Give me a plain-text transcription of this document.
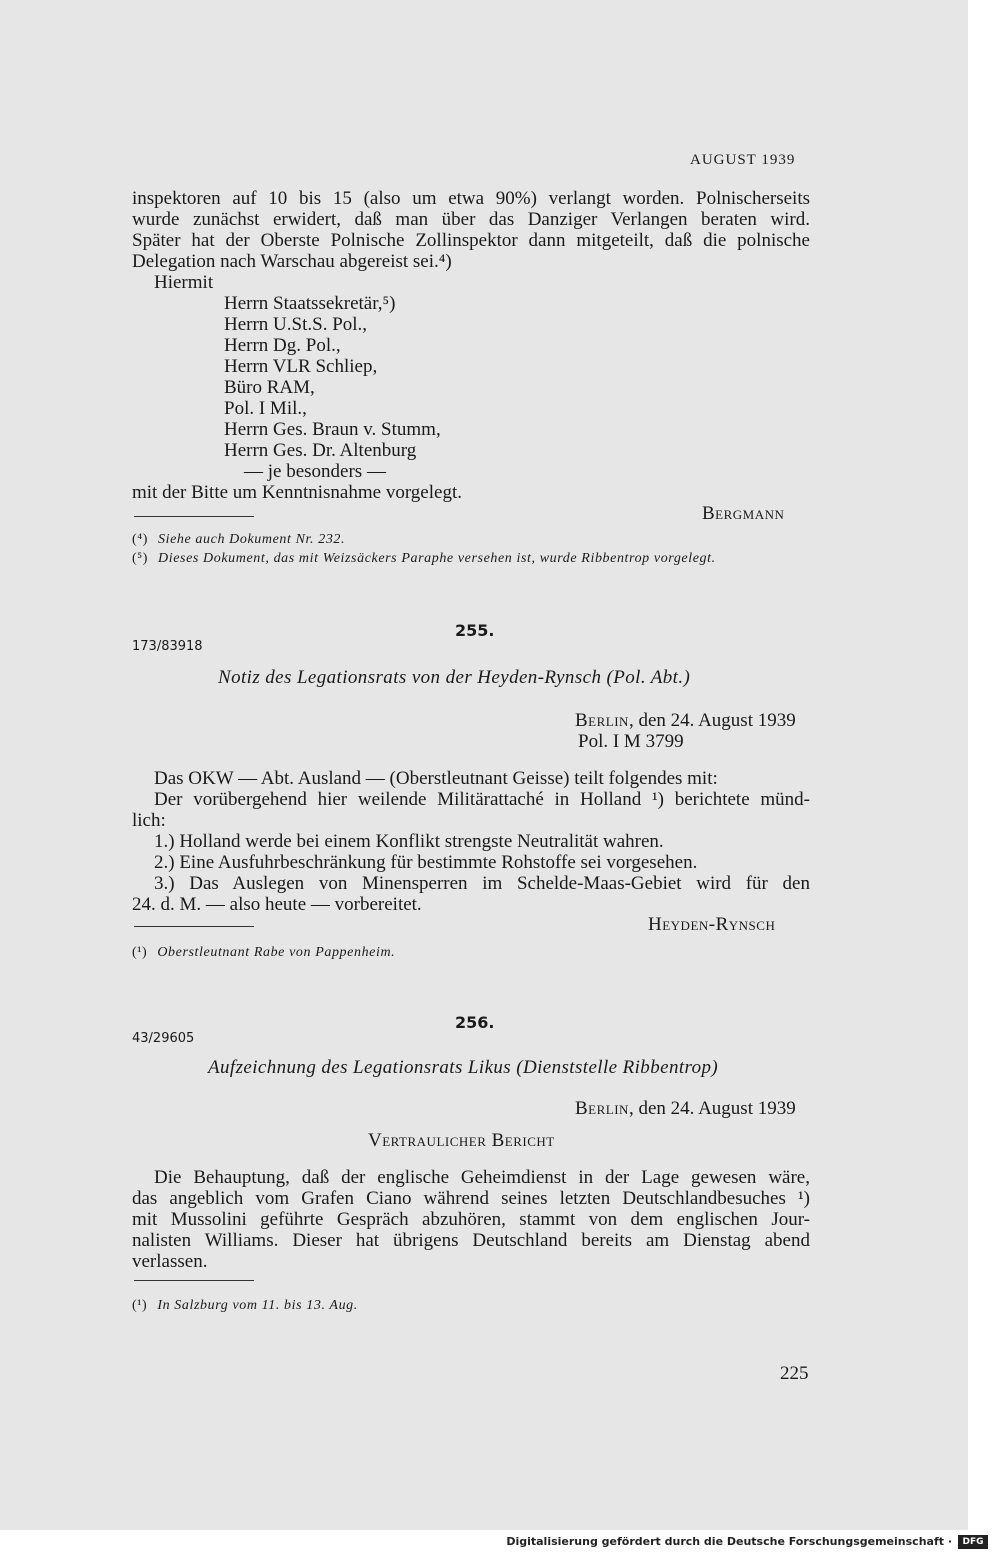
AUGUST 1939
inspektoren auf 10 bis 15 (also um etwa 90%) verlangt worden. Polnischerseits
wurde zunächst erwidert, daß man über das Danziger Verlangen beraten wird.
Später hat der Oberste Polnische Zollinspektor dann mitgeteilt, daß die polnische
Delegation nach Warschau abgereist sei.⁴)
Hiermit
Herrn Staatssekretär,⁵)
Herrn U.St.S. Pol.,
Herrn Dg. Pol.,
Herrn VLR Schliep,
Büro RAM,
Pol. I Mil.,
Herrn Ges. Braun v. Stumm,
Herrn Ges. Dr. Altenburg
— je besonders —
mit der Bitte um Kenntnisnahme vorgelegt.
Bergmann
(⁴) Siehe auch Dokument Nr. 232.
(⁵) Dieses Dokument, das mit Weizsäckers Paraphe versehen ist, wurde Ribbentrop vorgelegt.
255.
173/83918
Notiz des Legationsrats von der Heyden-Rynsch (Pol. Abt.)
Berlin, den 24. August 1939
Pol. I M 3799
Das OKW — Abt. Ausland — (Oberstleutnant Geisse) teilt folgendes mit:
Der vorübergehend hier weilende Militärattaché in Holland ¹) berichtete münd-
lich:
1.) Holland werde bei einem Konflikt strengste Neutralität wahren.
2.) Eine Ausfuhrbeschränkung für bestimmte Rohstoffe sei vorgesehen.
3.) Das Auslegen von Minensperren im Schelde-Maas-Gebiet wird für den
24. d. M. — also heute — vorbereitet.
Heyden-Rynsch
(¹) Oberstleutnant Rabe von Pappenheim.
256.
43/29605
Aufzeichnung des Legationsrats Likus (Dienststelle Ribbentrop)
Berlin, den 24. August 1939
Vertraulicher Bericht
Die Behauptung, daß der englische Geheimdienst in der Lage gewesen wäre,
das angeblich vom Grafen Ciano während seines letzten Deutschlandbesuches ¹)
mit Mussolini geführte Gespräch abzuhören, stammt von dem englischen Jour-
nalisten Williams. Dieser hat übrigens Deutschland bereits am Dienstag abend
verlassen.
(¹) In Salzburg vom 11. bis 13. Aug.
225
Digitalisierung gefördert durch die Deutsche Forschungsgemeinschaft ·	DFG
